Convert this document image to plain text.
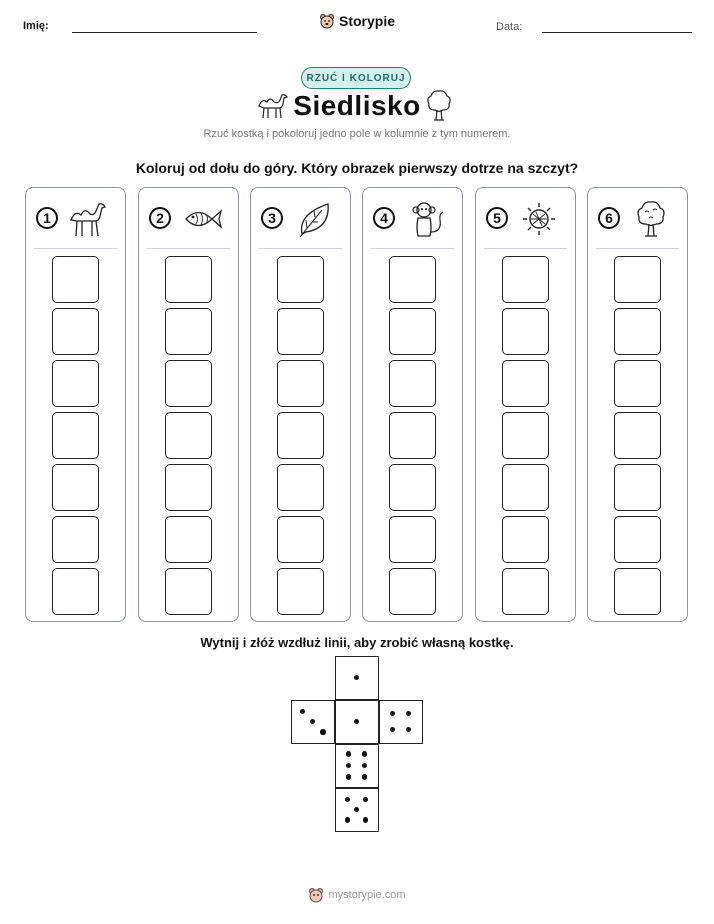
Imię:	Storypie	Data:
RZUĆ I KOLORUJ
Siedlisko
Rzuć kostką i pokoloruj jedno pole w kolumnie z tym numerem.
Koloruj od dołu do góry. Który obrazek pierwszy dotrze na szczyt?
1	2	3	4	5	6
Wytnij i złóż wzdłuż linii, aby zrobić własną kostkę.
mystorypie.com
